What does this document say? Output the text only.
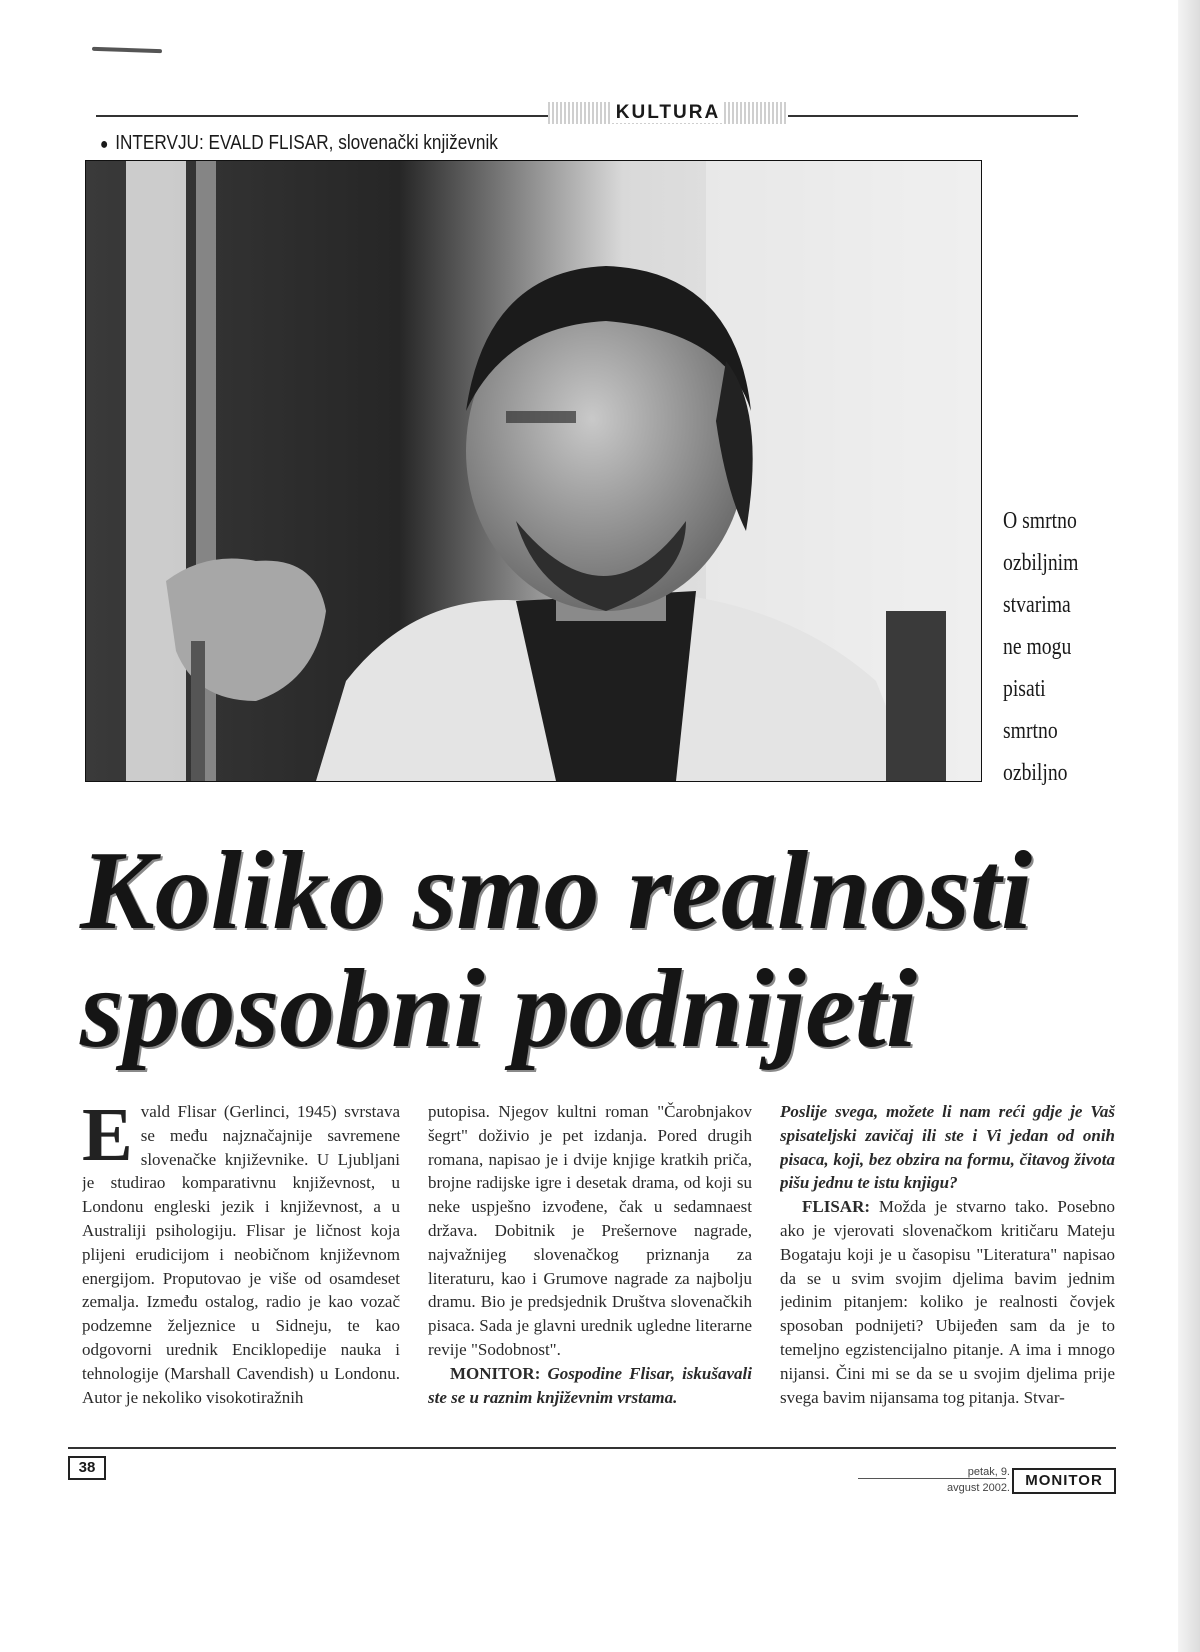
KULTURA
● INTERVJU: EVALD FLISAR, slovenački književnik
O smrtno
ozbiljnim
stvarima
ne mogu
pisati
smrtno
ozbiljno
Koliko smo realnosti
sposobni podnijeti

Evald Flisar (Gerlinci, 1945) svrstava se među najznačajnije savremene slovenačke književnike. U Ljubljani je studirao komparativnu književnost, u Londonu engleski jezik i književnost, a u Australiji psihologiju. Flisar je ličnost koja plijeni erudicijom i neobičnom književnom energijom. Proputovao je više od osamdeset zemalja. Između ostalog, radio je kao vozač podzemne željeznice u Sidneju, te kao odgovorni urednik Enciklopedije nauka i tehnologije (Marshall Cavendish) u Londonu. Autor je nekoliko visokotiražnih

putopisa. Njegov kultni roman "Čarobnjakov šegrt" doživio je pet izdanja. Pored drugih romana, napisao je i dvije knjige kratkih priča, brojne radijske igre i desetak drama, od koji su neke uspješno izvođene, čak u sedamnaest država. Dobitnik je Prešernove nagrade, najvažnijeg slovenačkog priznanja za literaturu, kao i Grumove nagrade za najbolju dramu. Bio je predsjednik Društva slovenačkih pisaca. Sada je glavni urednik ugledne literarne revije "Sodobnost".

MONITOR: Gospodine Flisar, iskušavali ste se u raznim književnim vrstama.

Poslije svega, možete li nam reći gdje je Vaš spisateljski zavičaj ili ste i Vi jedan od onih pisaca, koji, bez obzira na formu, čitavog života pišu jednu te istu knjigu?

FLISAR: Možda je stvarno tako. Posebno ako je vjerovati slovenačkom kritičaru Mateju Bogataju koji je u časopisu "Literatura" napisao da se u svim svojim djelima bavim jednim jedinim pitanjem: koliko je realnosti čovjek sposoban podnijeti? Ubijeđen sam da je to temeljno egzistencijalno pitanje. A ima i mnogo nijansi. Čini mi se da se u svojim djelima prije svega bavim nijansama tog pitanja. Stvar-

38	petak, 9.
avgust 2002.	MONITOR
